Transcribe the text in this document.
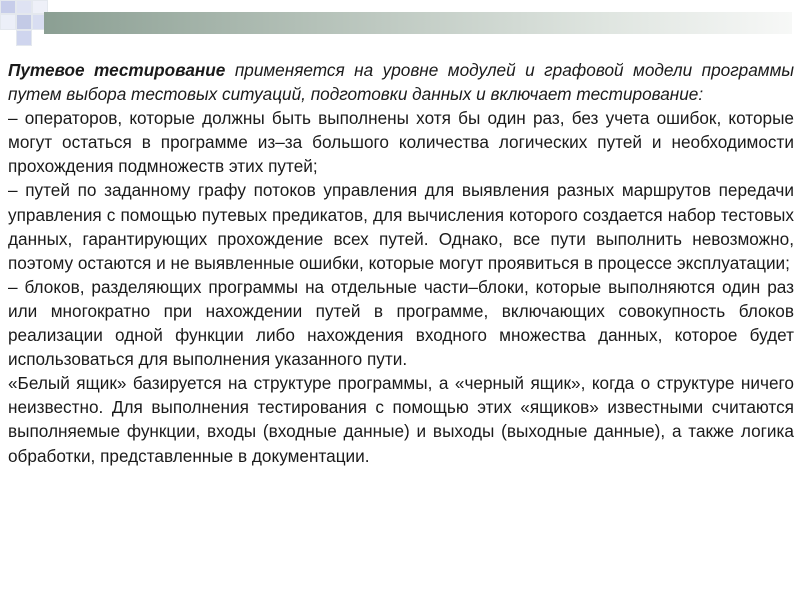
Путевое тестирование применяется на уровне модулей и графовой модели программы путем выбора тестовых ситуаций, подготовки данных и включает тестирование:

– операторов, которые должны быть выполнены хотя бы один раз, без учета ошибок, которые могут остаться в программе из–за большого количества логических путей и необходимости прохождения подмножеств этих путей;

– путей по заданному графу потоков управления для выявления разных маршрутов передачи управления с помощью путевых предикатов, для вычисления которого создается набор тестовых данных, гарантирующих прохождение всех путей. Однако, все пути выполнить невозможно, поэтому остаются и не выявленные ошибки, которые могут проявиться в процессе эксплуатации;

– блоков, разделяющих программы на отдельные части–блоки, которые выполняются один раз или многократно при нахождении путей в программе, включающих совокупность блоков реализации одной функции либо нахождения входного множества данных, которое будет использоваться для выполнения указанного пути.

«Белый ящик» базируется на структуре программы, а «черный ящик», когда о структуре ничего неизвестно. Для выполнения тестирования с помощью этих «ящиков» известными считаются выполняемые функции, входы (входные данные) и выходы (выходные данные), а также логика обработки, представленные в документации.
